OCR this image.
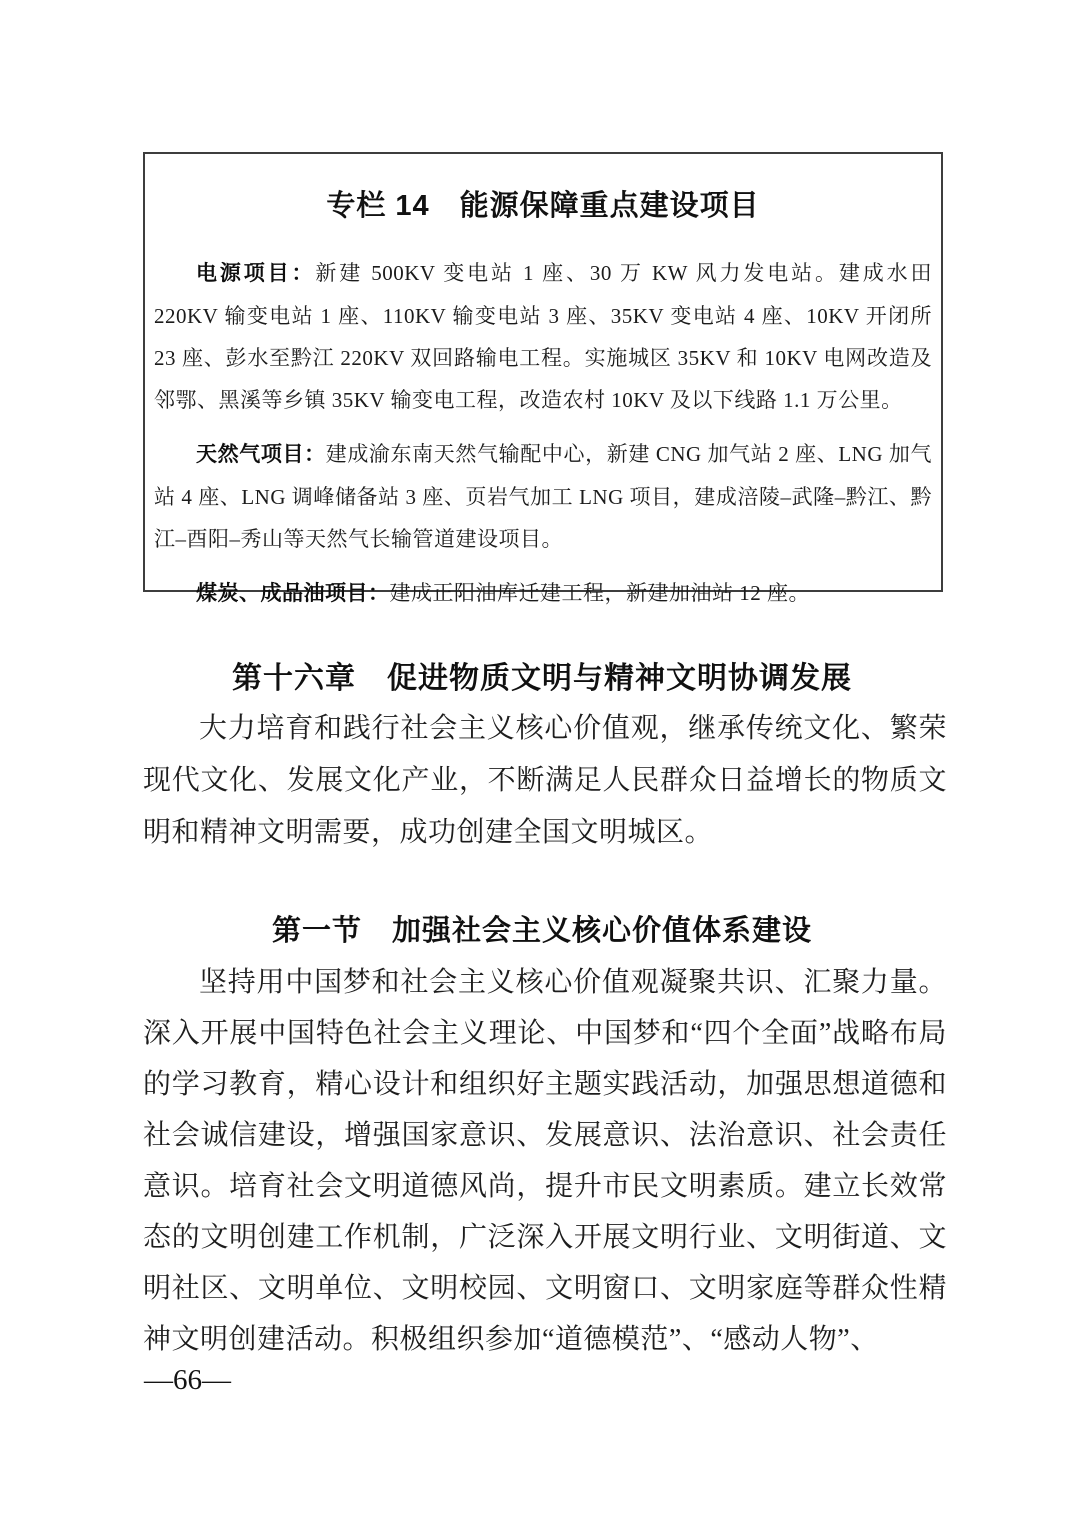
专栏 14　能源保障重点建设项目

电源项目：新建 500KV 变电站 1 座、30 万 KW 风力发电站。建成水田 220KV 输变电站 1 座、110KV 输变电站 3 座、35KV 变电站 4 座、10KV 开闭所 23 座、彭水至黔江 220KV 双回路输电工程。实施城区 35KV 和 10KV 电网改造及邻鄂、黑溪等乡镇 35KV 输变电工程，改造农村 10KV 及以下线路 1.1 万公里。

天然气项目：建成渝东南天然气输配中心，新建 CNG 加气站 2 座、LNG 加气站 4 座、LNG 调峰储备站 3 座、页岩气加工 LNG 项目，建成涪陵–武隆–黔江、黔江–酉阳–秀山等天然气长输管道建设项目。

煤炭、成品油项目：建成正阳油库迁建工程，新建加油站 12 座。

第十六章　促进物质文明与精神文明协调发展

大力培育和践行社会主义核心价值观，继承传统文化、繁荣现代文化、发展文化产业，不断满足人民群众日益增长的物质文明和精神文明需要，成功创建全国文明城区。

第一节　加强社会主义核心价值体系建设

坚持用中国梦和社会主义核心价值观凝聚共识、汇聚力量。深入开展中国特色社会主义理论、中国梦和“四个全面”战略布局的学习教育，精心设计和组织好主题实践活动，加强思想道德和社会诚信建设，增强国家意识、发展意识、法治意识、社会责任意识。培育社会文明道德风尚，提升市民文明素质。建立长效常态的文明创建工作机制，广泛深入开展文明行业、文明街道、文明社区、文明单位、文明校园、文明窗口、文明家庭等群众性精神文明创建活动。积极组织参加“道德模范”、“感动人物”、

—66—
